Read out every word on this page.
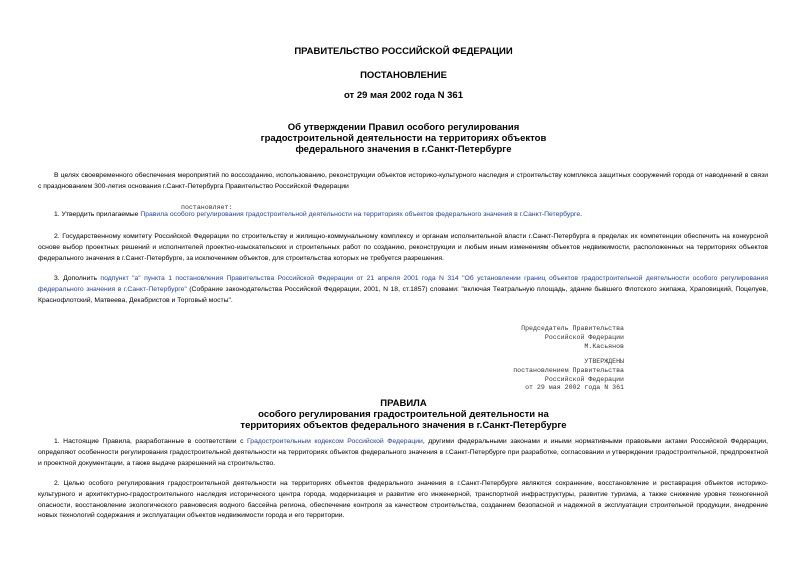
ПРАВИТЕЛЬСТВО РОССИЙСКОЙ ФЕДЕРАЦИИ
ПОСТАНОВЛЕНИЕ
от 29 мая 2002 года N 361
Об утверждении Правил особого регулирования
градостроительной деятельности на территориях объектов
федерального значения в г.Санкт-Петербурге

В целях своевременного обеспечения мероприятий по воссозданию, использованию, реконструкции объектов историко-культурного наследия и строительству комплекса защитных сооружений города от наводнений в связи с празднованием 300-летия основания г.Санкт-Петербурга Правительство Российской Федерации

постановляет:

1. Утвердить прилагаемые Правила особого регулирования градостроительной деятельности на территориях объектов федерального значения в г.Санкт-Петербурге.

2. Государственному комитету Российской Федерации по строительству и жилищно-коммунальному комплексу и органам исполнительной власти г.Санкт-Петербурга в пределах их компетенции обеспечить на конкурсной основе выбор проектных решений и исполнителей проектно-изыскательских и строительных работ по созданию, реконструкции и любым иным изменениям объектов недвижимости, расположенных на территориях объектов федерального значения в г.Санкт-Петербурге, за исключением объектов, для строительства которых не требуется разрешения.

3. Дополнить подпункт "а" пункта 1 постановления Правительства Российской Федерации от 21 апреля 2001 года N 314 "Об установлении границ объектов градостроительной деятельности особого регулирования федерального значения в г.Санкт-Петербурге" (Собрание законодательства Российской Федерации, 2001, N 18, ст.1857) словами: "включая Театральную площадь, здание бывшего Флотского экипажа, Храповицкий, Поцелуев, Краснофлотский, Матвеева, Декабристов и Торговый мосты".

Председатель Правительства
Российской Федерации
М.Касьянов
УТВЕРЖДЕНЫ
постановлением Правительства
Российской Федерации
от 29 мая 2002 года N 361
ПРАВИЛА
особого регулирования градостроительной деятельности на
территориях объектов федерального значения в г.Санкт-Петербурге

1. Настоящие Правила, разработанные в соответствии с Градостроительным кодексом Российской Федерации, другими федеральными законами и иными нормативными правовыми актами Российской Федерации, определяют особенности регулирования градостроительной деятельности на территориях объектов федерального значения в г.Санкт-Петербурге при разработке, согласовании и утверждении градостроительной, предпроектной и проектной документации, а также выдаче разрешений на строительство.

2. Целью особого регулирования градостроительной деятельности на территориях объектов федерального значения в г.Санкт-Петербурге являются сохранение, восстановление и реставрация объектов историко-культурного и архитектурно-градостроительного наследия исторического центра города, модернизация и развитие его инженерной, транспортной инфраструктуры, развитие туризма, а также снижение уровня техногенной опасности, восстановление экологического равновесия водного бассейна региона, обеспечение контроля за качеством строительства, созданием безопасной и надежной в эксплуатации строительной продукции, внедрение новых технологий содержания и эксплуатации объектов недвижимости города и его территории.
